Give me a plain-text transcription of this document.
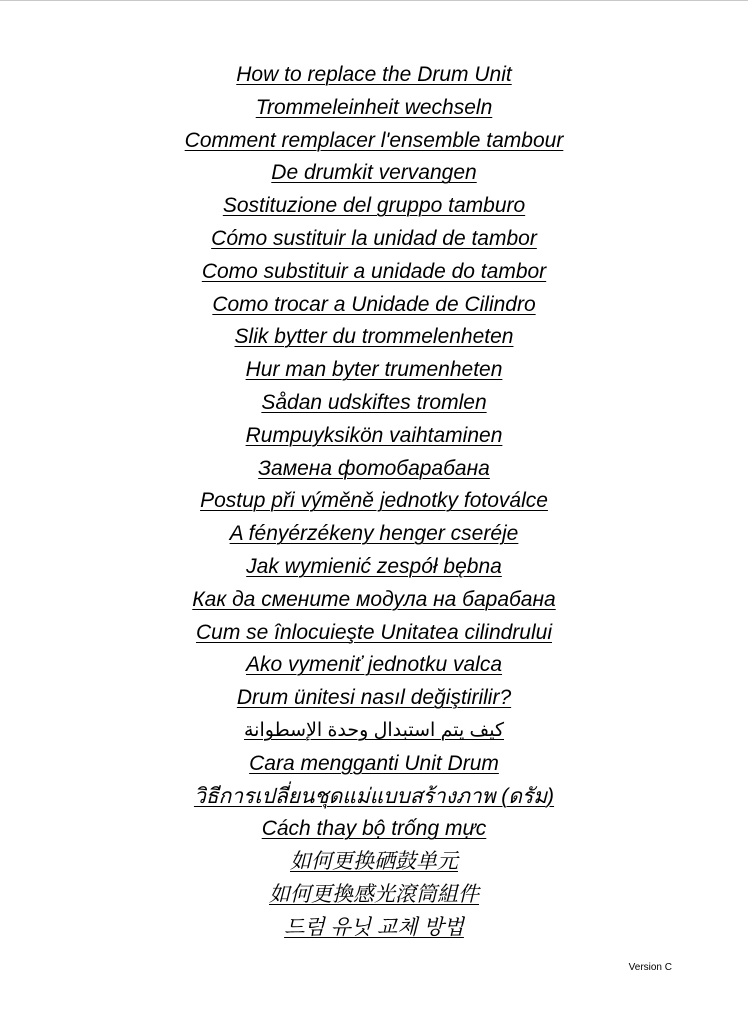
How to replace the Drum Unit
Trommeleinheit wechseln
Comment remplacer l'ensemble tambour
De drumkit vervangen
Sostituzione del gruppo tamburo
Cómo sustituir la unidad de tambor
Como substituir a unidade do tambor
Como trocar a Unidade de Cilindro
Slik bytter du trommelenheten
Hur man byter trumenheten
Sådan udskiftes tromlen
Rumpuyksikön vaihtaminen
Замена фотобарабана
Postup při výměně jednotky fotoválce
A fényérzékeny henger cseréje
Jak wymienić zespół bębna
Как да смените модула на барабана
Cum se înlocuieşte Unitatea cilindrului
Ako vymeniť jednotku valca
Drum ünitesi nasıl değiştirilir?
كيف يتم استبدال وحدة الإسطوانة
Cara mengganti Unit Drum
วิธีการเปลี่ยนชุดแม่แบบสร้างภาพ (ดรัม)
Cách thay bộ trống mực
如何更换硒鼓单元
如何更換感光滾筒組件
드럼 유닛 교체 방법
Version C
